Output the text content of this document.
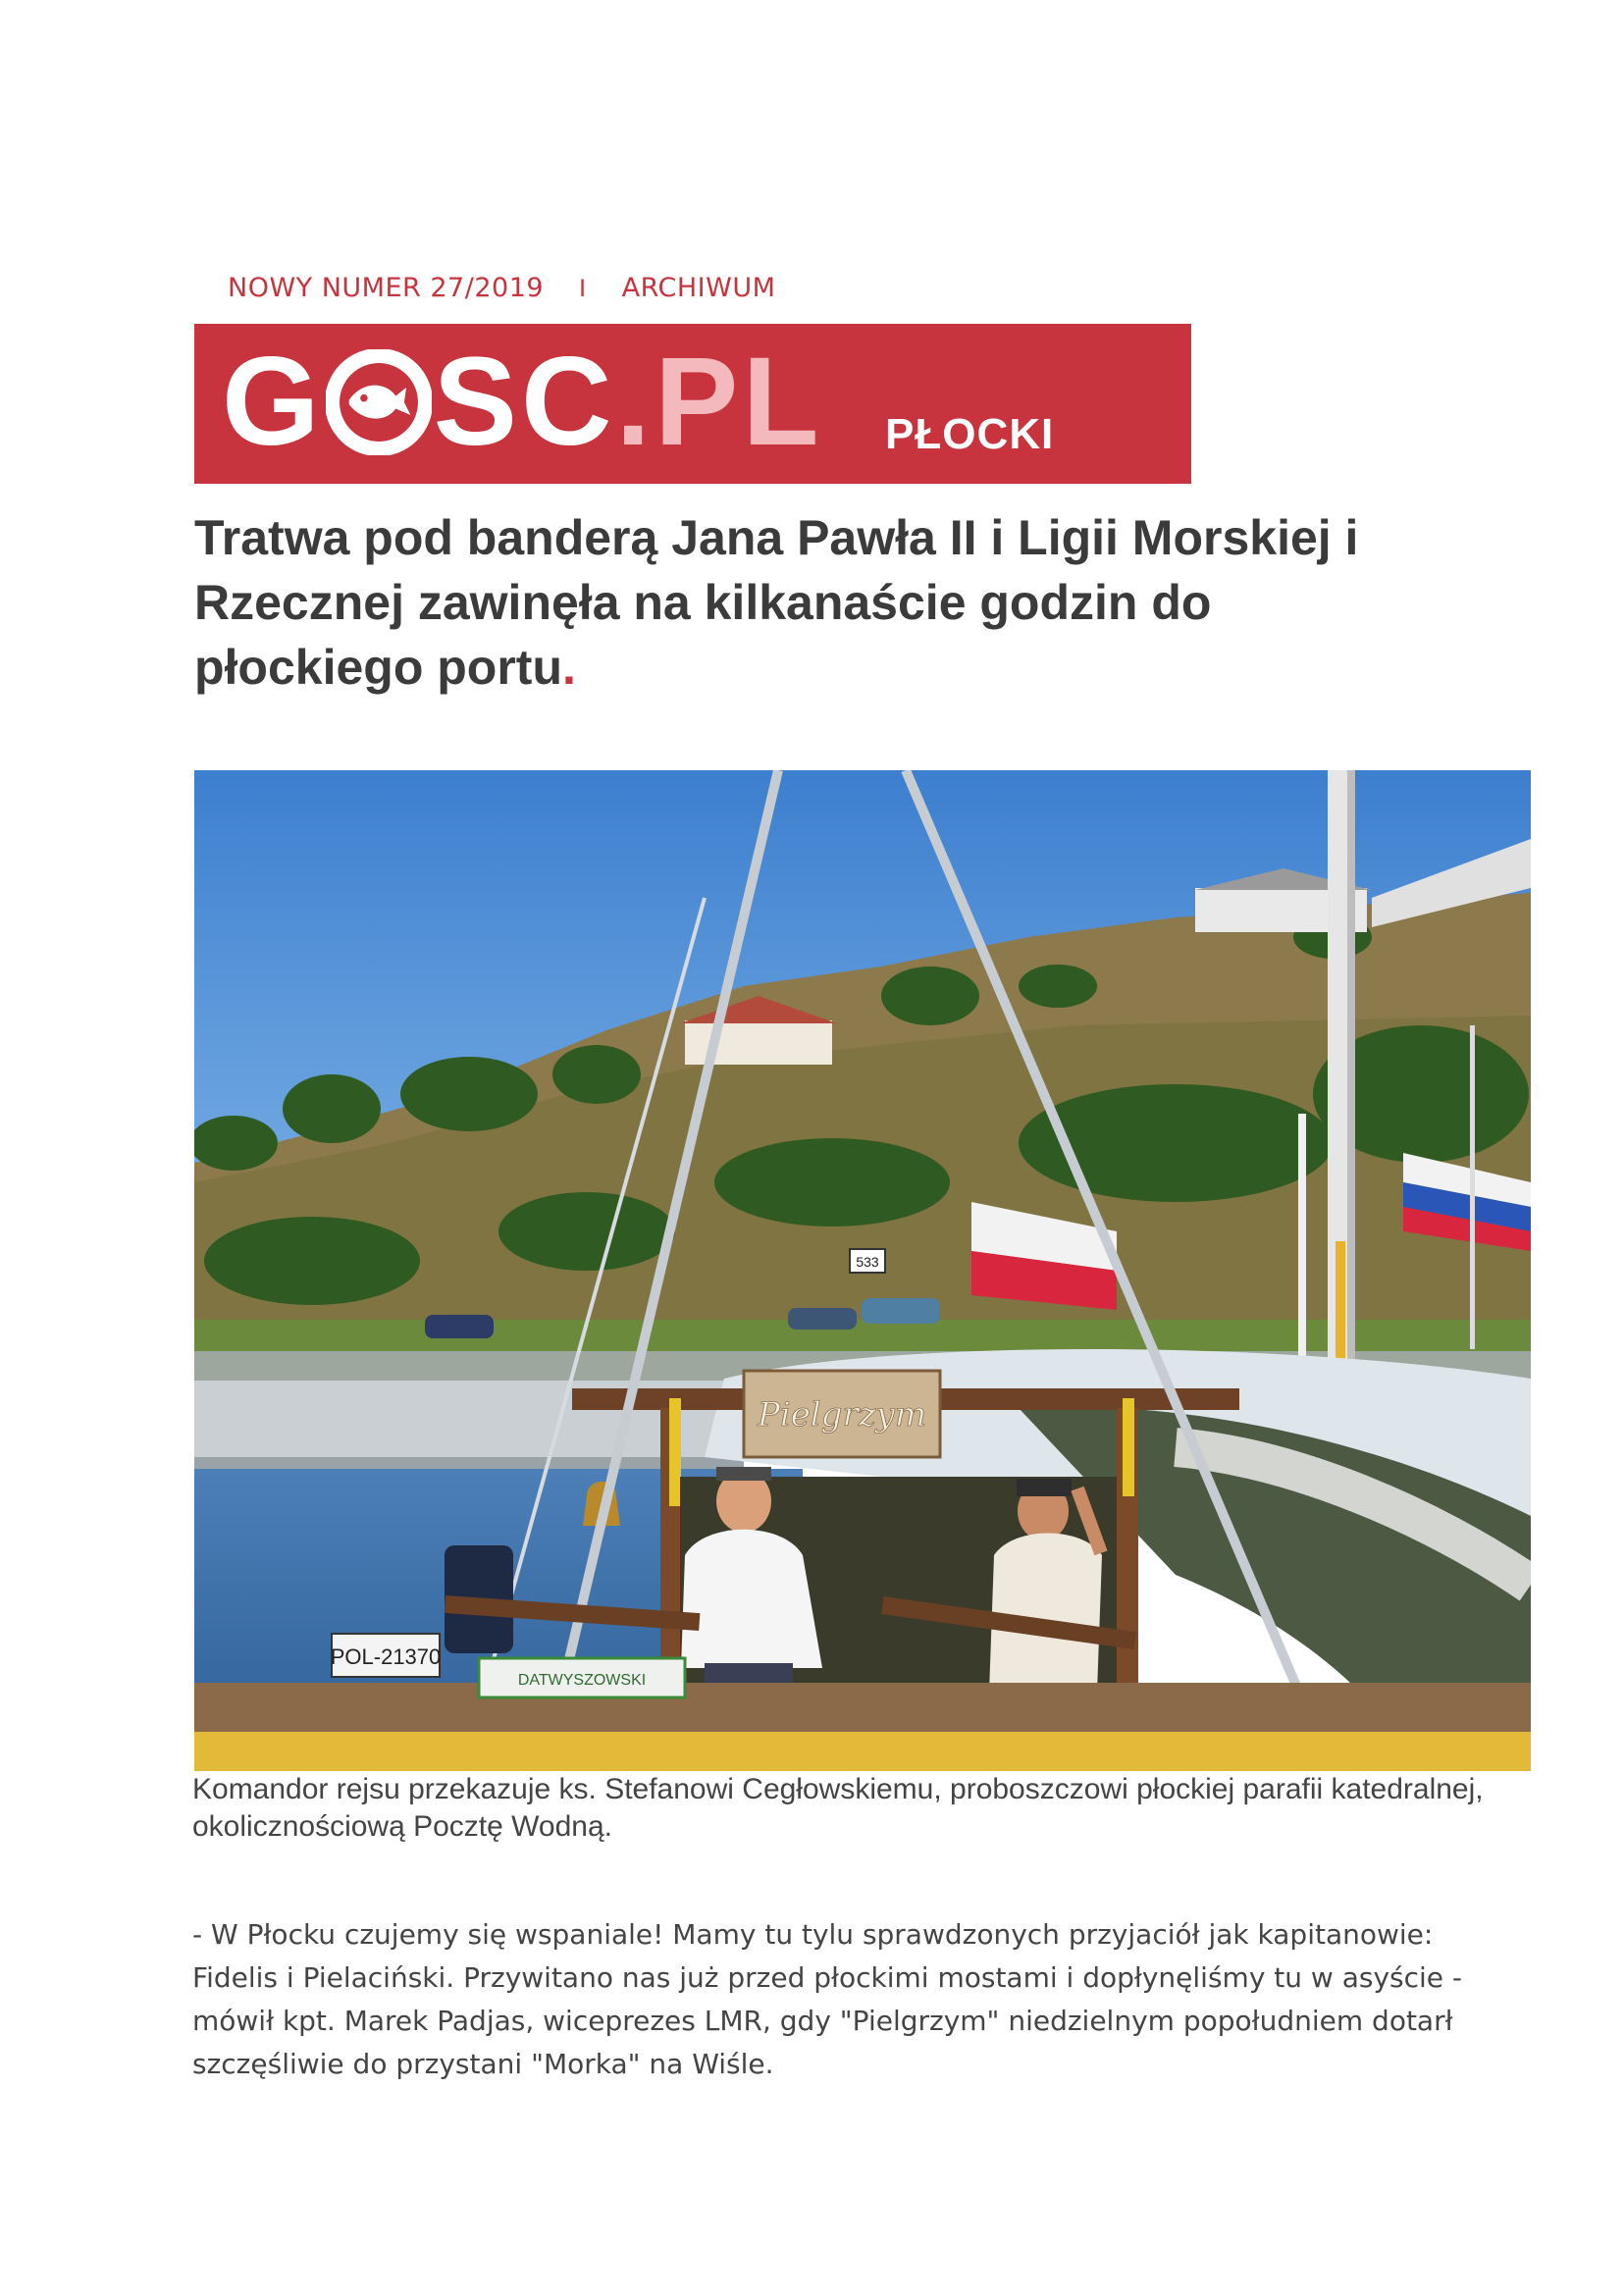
NOWY NUMER 27/2019 I ARCHIWUM
G SC . PL PŁOCKI
Tratwa pod banderą Jana Pawła II i Ligii Morskiej i Rzecznej zawinęła na kilkanaście godzin do płockiego portu.
533
Pielgrzym
POL-21370
DATWYSZOWSKI

Komandor rejsu przekazuje ks. Stefanowi Cegłowskiemu, proboszczowi płockiej parafii katedralnej, okolicznościową Pocztę Wodną.

- W Płocku czujemy się wspaniale! Mamy tu tylu sprawdzonych przyjaciół jak kapitanowie: Fidelis i Pielaciński. Przywitano nas już przed płockimi mostami i dopłynęliśmy tu w asyście - mówił kpt. Marek Padjas, wiceprezes LMR, gdy "Pielgrzym" niedzielnym popołudniem dotarł szczęśliwie do przystani "Morka" na Wiśle.
